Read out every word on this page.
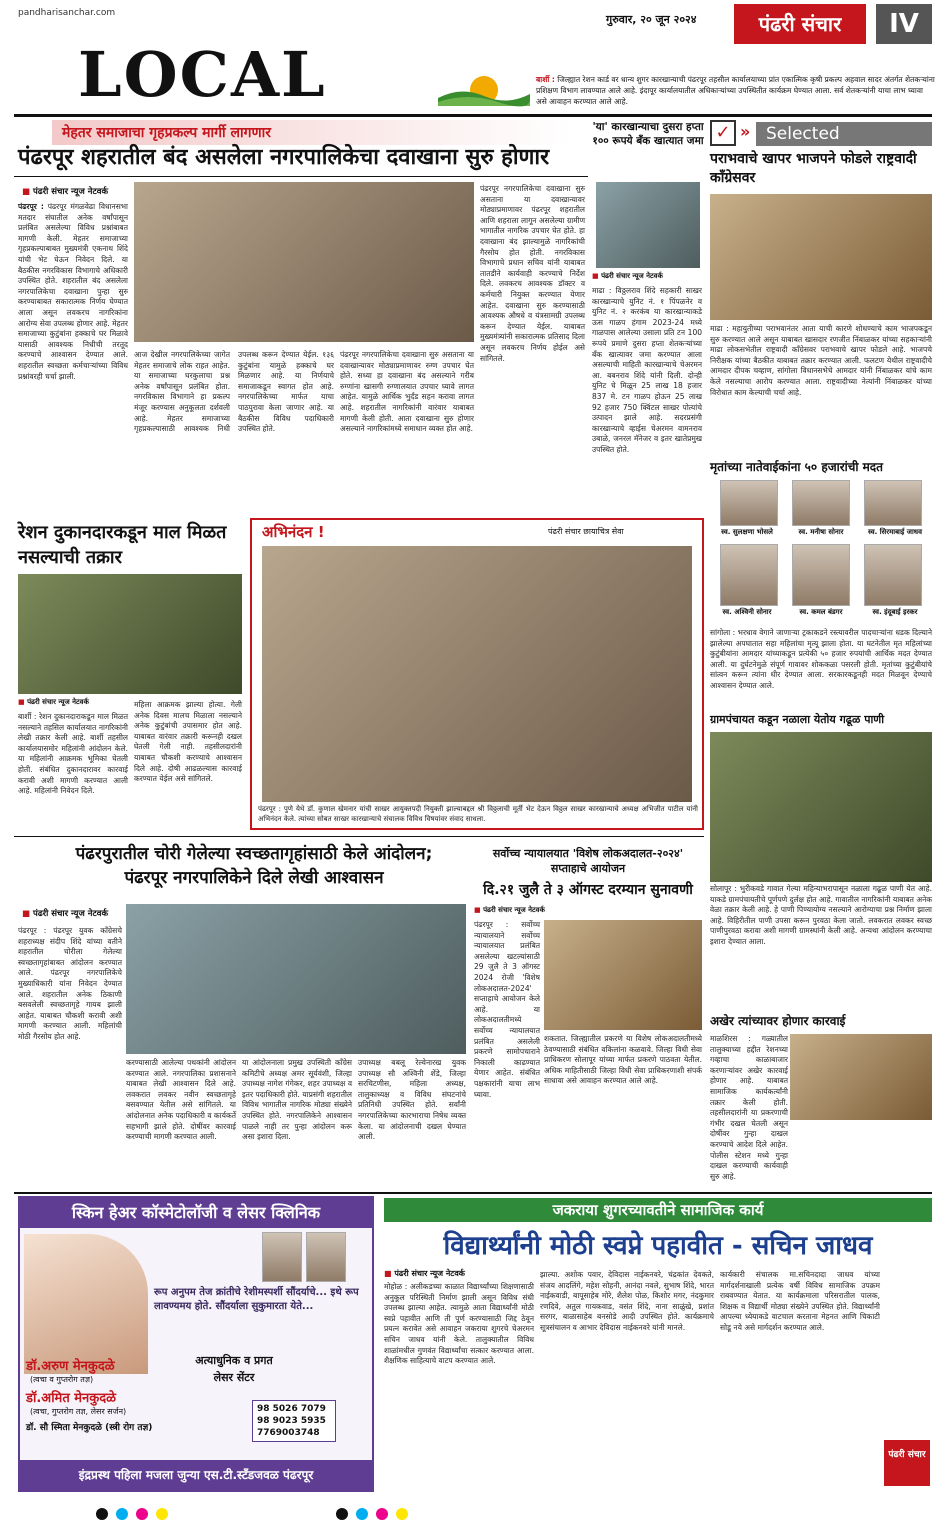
pandharisanchar.com
LOCAL
गुरुवार, २० जून २०२४	पंढरी संचार	IV
बार्शी : जिल्ह्यात रेशन कार्ड वर धान्य शुगर कारखान्याची पंढरपूर तहसील कार्यालयाच्या प्रांत एकात्मिक कृषी प्रकल्प अहवाल सादर अंतर्गत शेतकऱ्यांना प्रशिक्षण विभाग लावण्यात आले आहे. इंदापूर कार्यालयातील अधिकाऱ्यांच्या उपस्थितीत कार्यक्रम घेण्यात आला. सर्व शेतकऱ्यांनी याचा लाभ घ्यावा असे आवाहन करण्यात आले आहे.
मेहतर समाजाचा गृहप्रकल्प मार्गी लागणार
पंढरपूर शहरातील बंद असलेला नगरपालिकेचा दवाखाना सुरु होणार
■ पंढरी संचार न्यूज नेटवर्क
पंढरपूर : पंढरपूर मंगळवेढा विधानसभा मतदार संघातील अनेक वर्षांपासून प्रलंबित असलेल्या विविध प्रश्नांबाबत मागणी केली. मेहतर समाजाच्या गृहप्रकल्पाबाबत मुख्यमंत्री एकनाथ शिंदे यांची भेट घेऊन निवेदन दिले. या बैठकीस नगरविकास विभागाचे अधिकारी उपस्थित होते. शहरातील बंद असलेला नगरपालिकेचा दवाखाना पुन्हा सुरु करण्याबाबत सकारात्मक निर्णय घेण्यात आला असून लवकरच नागरिकांना आरोग्य सेवा उपलब्ध होणार आहे. मेहतर समाजाच्या कुटुंबांना हक्काचे घर मिळावे यासाठी आवश्यक निधीची तरतूद करण्याचे आश्वासन देण्यात आले. शहरातील स्वच्छता कर्मचाऱ्यांच्या विविध प्रश्नांवरही चर्चा झाली.
पंढरपूर नगरपालिकेचा दवाखाना सुरु असताना या दवाखान्यावर मोठ्याप्रमाणावर पंढरपूर शहरातील आणि शहराला लागून असलेल्या ग्रामीण भागातील नागरिक उपचार घेत होते. हा दवाखाना बंद झाल्यामुळे नागरिकांची गैरसोय होत होती. नगरविकास विभागाचे प्रधान सचिव यांनी याबाबत तातडीने कार्यवाही करण्याचे निर्देश दिले. लवकरच आवश्यक डॉक्टर व कर्मचारी नियुक्त करण्यात येणार आहेत. दवाखाना सुरु करण्यासाठी आवश्यक औषधे व यंत्रसामग्री उपलब्ध करून देण्यात येईल. याबाबत मुख्यमंत्र्यांनी सकारात्मक प्रतिसाद दिला असून लवकरच निर्णय होईल असे सांगितले.
आज देखील नगरपालिकेच्या जागेत मेहतर समाजाचे लोक राहत आहेत. या समाजाच्या घरकुलाचा प्रश्न अनेक वर्षांपासून प्रलंबित होता. नगरविकास विभागाने हा प्रकल्प मंजूर करण्यास अनुकूलता दर्शवली आहे. मेहतर समाजाच्या गृहप्रकल्पासाठी आवश्यक निधी उपलब्ध करून देण्यात येईल. १३६ कुटुंबांना यामुळे हक्काचे घर मिळणार आहे. या निर्णयाचे समाजाकडून स्वागत होत आहे. नगरपालिकेच्या मार्फत याचा पाठपुरावा केला जाणार आहे. या बैठकीस विविध पदाधिकारी उपस्थित होते.
पंढरपूर नगरपालिकेचा दवाखाना सुरु असताना या दवाखान्यावर मोठ्याप्रमाणावर रुग्ण उपचार घेत होते. सध्या हा दवाखाना बंद असल्याने गरीब रुग्णांना खासगी रुग्णालयात उपचार घ्यावे लागत आहेत. यामुळे आर्थिक भुर्दंड सहन करावा लागत आहे. शहरातील नागरिकांनी वारंवार याबाबत मागणी केली होती. आता दवाखाना सुरु होणार असल्याने नागरिकांमध्ये समाधान व्यक्त होत आहे.
'या' कारखान्याचा दुसरा हप्ता १०० रूपये बँक खात्यात जमा
■ पंढरी संचार न्यूज नेटवर्क
माढा : विठ्ठलराव शिंदे सहकारी साखर कारखान्याचे युनिट नं. १ पिंपळनेर व युनिट नं. २ करकंब या कारखान्याकडे ऊस गाळप हंगाम 2023-24 मध्ये गाळपास आलेल्या उसाला प्रति टन 100 रूपये प्रमाणे दुसरा हप्ता शेतकऱ्यांच्या बँक खात्यावर जमा करण्यात आला असल्याची माहिती कारखान्याचे चेअरमन आ. बबनराव शिंदे यांनी दिली. दोन्ही युनिट चे मिळून 25 लाख 18 हजार 837 मे. टन गाळप होऊन 25 लाख 92 हजार 750 क्विंटल साखर पोत्यांचे उत्पादन झाले आहे. सदरप्रसंगी कारखान्याचे व्हाईस चेअरमन वामनराव उबाळे, जनरल मॅनेजर व इतर खातेप्रमुख उपस्थित होते.
✓ » Selected
पराभवाचे खापर भाजपने फोडले राष्ट्रवादी काँग्रेसवर
माढा : महायुतीच्या पराभवानंतर आता याची कारणे शोधण्याचे काम भाजपकडून सुरु करण्यात आले असून याबाबत खासदार रणजीत निंबाळकर यांच्या सहकाऱ्यांनी माढा लोकसभेतील राष्ट्रवादी काँग्रेसवर पराभवाचे खापर फोडले आहे. भाजपचे निरीक्षक यांच्या बैठकीत याबाबत तक्रार करण्यात आली. फलटण येथील राष्ट्रवादीचे आमदार दीपक चव्हाण, सांगोला विधानसभेचे आमदार यांनी निंबाळकर यांचे काम केले नसल्याचा आरोप करण्यात आला. राष्ट्रवादीच्या नेत्यांनी निंबाळकर यांच्या विरोधात काम केल्याची चर्चा आहे.
मृतांच्या नातेवाईकांना ५० हजारांची मदत
स्व. सुलक्षणा भोसले	स्व. मनीषा सोनार	स्व. सिरमाबाई जाधव
स्व. अश्विनी सोनार	स्व. कमल बंडगर	स्व. इंदूबाई इरकर
सांगोला : भरधाव वेगाने जाणाऱ्या ट्रकाकडने रस्त्यावरील पादचाऱ्यांना धडक दिल्याने झालेल्या अपघातात सहा महिलांचा मृत्यू झाला होता. या घटनेतील मृत महिलांच्या कुटुंबीयांना आमदार यांच्याकडून प्रत्येकी ५० हजार रुपयांची आर्थिक मदत देण्यात आली. या दुर्घटनेमुळे संपूर्ण गावावर शोककळा पसरली होती. मृतांच्या कुटुंबीयांचे सांत्वन करून त्यांना धीर देण्यात आला. सरकारकडूनही मदत मिळवून देण्याचे आश्वासन देण्यात आले.
रेशन दुकानदारकडून माल मिळत नसल्याची तक्रार
■ पंढरी संचार न्यूज नेटवर्क
बार्शी : रेशन दुकानदाराकडून माल मिळत नसल्याने तहसिल कार्यालयात नागरिकांनी लेखी तक्रार केली आहे. बार्शी तहसील कार्यालयासमोर महिलांनी आंदोलन केले. या महिलांनी आक्रमक भूमिका घेतली होती. संबंधित दुकानदारावर कारवाई करावी अशी मागणी करण्यात आली आहे. महिलांनी निवेदन दिले.
महिला आक्रमक झाल्या होत्या. गेली अनेक दिवस मालच मिळाला नसल्याने अनेक कुटुंबांची उपासमार होत आहे. याबाबत वारंवार तक्रारी करूनही दखल घेतली गेली नाही. तहसीलदारांनी याबाबत चौकशी करण्याचे आश्वासन दिले आहे. दोषी आढळल्यास कारवाई करण्यात येईल असे सांगितले.
अभिनंदन !	पंढरी संचार छायाचित्र सेवा
पंढरपूर : पुणे येथे डॉ. कुणाल खेमनार यांची साखर आयुक्तपदी नियुक्ती झाल्याबद्दल श्री विठ्ठलाची मूर्ती भेट देऊन विठ्ठल साखर कारखान्याचे अध्यक्ष अभिजीत पाटील यांनी अभिनंदन केले. त्यांच्या सोबत साखर कारखान्याचे संचालक विविध विषयांवर संवाद साधला.
ग्रामपंचायत कडून नळाला येतोय गढूळ पाणी
सोलापूर : भुरीकवडे गावात गेल्या महिन्याभरापासून नळाला गढूळ पाणी येत आहे. याकडे ग्रामपंचायतीचे पूर्णपणे दुर्लक्ष होत आहे. गावातील नागरिकांनी याबाबत अनेक वेळा तक्रार केली आहे. हे पाणी पिण्यायोग्य नसल्याने आरोग्याचा प्रश्न निर्माण झाला आहे. विहिरीतील पाणी उपसा करून पुरवठा केला जातो. लवकरात लवकर स्वच्छ पाणीपुरवठा करावा अशी मागणी ग्रामस्थांनी केली आहे. अन्यथा आंदोलन करण्याचा इशारा देण्यात आला.
अखेर त्यांच्यावर होणार कारवाई
माळशिरस : गळ्यातील तालुक्याच्या हद्दीत रेशनच्या गव्हाचा काळाबाजार करणाऱ्यांवर अखेर कारवाई होणार आहे. याबाबत सामाजिक कार्यकर्त्यांनी तक्रार केली होती. तहसीलदारांनी या प्रकरणाची गंभीर दखल घेतली असून दोषींवर गुन्हा दाखल करण्याचे आदेश दिले आहेत. पोलीस स्टेशन मध्ये गुन्हा दाखल करण्याची कार्यवाही सुरु आहे.
पंढरपुरातील चोरी गेलेल्या स्वच्छतागृहांसाठी केले आंदोलन; पंढरपूर नगरपालिकेने दिले लेखी आश्वासन
■ पंढरी संचार न्यूज नेटवर्क
पंढरपूर : पंढरपूर युवक काँग्रेसचे शहराध्यक्ष संदीप शिंदे यांच्या वतीने शहरातील चोरीला गेलेल्या स्वच्छतागृहांबाबत आंदोलन करण्यात आले. पंढरपूर नगरपालिकेचे मुख्याधिकारी यांना निवेदन देण्यात आले. शहरातील अनेक ठिकाणी बसवलेली स्वच्छतागृहे गायब झाली आहेत. याबाबत चौकशी करावी अशी मागणी करण्यात आली. महिलांची मोठी गैरसोय होत आहे.
करण्यासाठी आलेल्या पथकांनी आंदोलन करण्यात आले. नगरपालिका प्रशासनाने याबाबत लेखी आश्वासन दिले आहे. लवकरात लवकर नवीन स्वच्छतागृहे बसवण्यात येतील असे सांगितले. या आंदोलनात अनेक पदाधिकारी व कार्यकर्ते सहभागी झाले होते. दोषींवर कारवाई करण्याची मागणी करण्यात आली.
या आंदोलनाला प्रमुख उपस्थिती काँग्रेस कमिटीचे अध्यक्ष अमर सूर्यवंशी, जिल्हा उपाध्यक्ष नागेश गंगेकर, शहर उपाध्यक्ष व इतर पदाधिकारी होते. याप्रसंगी शहरातील विविध भागातील नागरिक मोठ्या संख्येने उपस्थित होते. नगरपालिकेने आश्वासन पाळले नाही तर पुन्हा आंदोलन करू असा इशारा दिला.
उपाध्यक्ष बबलू रेल्वेनारख युवक उपाध्यक्ष सौ अश्विनी शेंडे, जिल्हा सरचिटणीस, महिला अध्यक्ष, तालुकाध्यक्ष व विविध संघटनांचे प्रतिनिधी उपस्थित होते. सर्वांनी नगरपालिकेच्या कारभाराचा निषेध व्यक्त केला. या आंदोलनाची दखल घेण्यात आली.
सर्वोच्च न्यायालयात 'विशेष लोकअदालत-२०२४' सप्ताहाचे आयोजन
दि.२१ जुलै ते ३ ऑगस्ट दरम्यान सुनावणी
■ पंढरी संचार न्यूज नेटवर्क
पंढरपूर : सर्वोच्च न्यायालयाने सर्वोच्च न्यायालयात प्रलंबित असलेल्या खटल्यांसाठी 29 जुलै ते 3 ऑगस्ट 2024 रोजी 'विशेष लोकअदालत-2024' सप्ताहाचे आयोजन केले आहे. या लोकअदालतीमध्ये सर्वोच्च न्यायालयात प्रलंबित असलेली प्रकरणे सामोपचाराने निकाली काढण्यात येणार आहेत. संबंधित पक्षकारांनी याचा लाभ घ्यावा.
शकतात. जिल्ह्यातील प्रकरणे या विशेष लोकअदालतीमध्ये ठेवण्यासाठी संबंधित वकिलांना कळवावे. जिल्हा विधी सेवा प्राधिकरण सोलापूर यांच्या मार्फत प्रकरणे पाठवता येतील. अधिक माहितीसाठी जिल्हा विधी सेवा प्राधिकरणाशी संपर्क साधावा असे आवाहन करण्यात आले आहे.
स्किन हेअर कॉस्मेटोलॉजी व लेसर क्लिनिक
रूप अनुपम तेज क्रांतीचे रेशीमस्पर्शी सौंदर्याचे... इथे रूप लावण्यमय होते. सौंदर्याला सुकुमारता येते...
डॉ.अरुण मेनकुदळे
(त्वचा व गुप्तरोग तज्ञ)
डॉ.अमित मेनकुदळे
(त्वचा, गुप्तरोग तज्ञ, लेसर सर्जन)
डॉ. सौ स्मिता मेनकुदळे (स्त्री रोग तज्ञ)
अत्याधुनिक व प्रगत लेसर सेंटर
98 5026 7079
98 9023 5935
7769003748
इंद्रप्रस्थ पहिला मजला जुन्या एस.टी.स्टँडजवळ पंढरपूर
जकराया शुगरच्यावतीने सामाजिक कार्य
विद्यार्थ्यांनी मोठी स्वप्ने पहावीत - सचिन जाधव
■ पंढरी संचार न्यूज नेटवर्क
मोहोळ : अलीकडच्या काळात विद्यार्थ्यांच्या शिक्षणासाठी अनुकूल परिस्थिती निर्माण झाली असून विविध संधी उपलब्ध झाल्या आहेत. त्यामुळे आता विद्यार्थ्यांनी मोठी स्वप्ने पहावीत आणि ती पूर्ण करण्यासाठी जिद्द ठेवून प्रयत्न करावेत असे आवाहन जकराया शुगरचे चेअरमन सचिन जाधव यांनी केले. तालुक्यातील विविध शाळांमधील गुणवंत विद्यार्थ्यांचा सत्कार करण्यात आला. शैक्षणिक साहित्याचे वाटप करण्यात आले.
झाल्या. अशोक पवार, देविदास नाईकनवरे, चंद्रकांत देवकते, संजय आदलिंगे, महेश सोहनी, आनंदा नवले, सुभाष शिंदे, भारत नाईकवाडी, बापूसाहेब मोरे, शैलेश पोळ, किशोर मगर, नंदकुमार रणदिवे, अतुल गायकवाड, वसंत शिंदे, नाना साळुंखे, प्रशांत सरगर, बाळासाहेब बनसोडे आदी उपस्थित होते. कार्यक्रमाचे सूत्रसंचालन व आभार देविदास नाईकनवरे यांनी मानले.
कार्यकारी संचालक मा.सचिनदादा जाधव यांच्या मार्गदर्शनाखाली प्रत्येक वर्षी विविध सामाजिक उपक्रम राबवण्यात येतात. या कार्यक्रमाला परिसरातील पालक, शिक्षक व विद्यार्थी मोठ्या संख्येने उपस्थित होते. विद्यार्थ्यांनी आपल्या ध्येयाकडे वाटचाल करताना मेहनत आणि चिकाटी सोडू नये असे मार्गदर्शन करण्यात आले.
पंढरी संचार
